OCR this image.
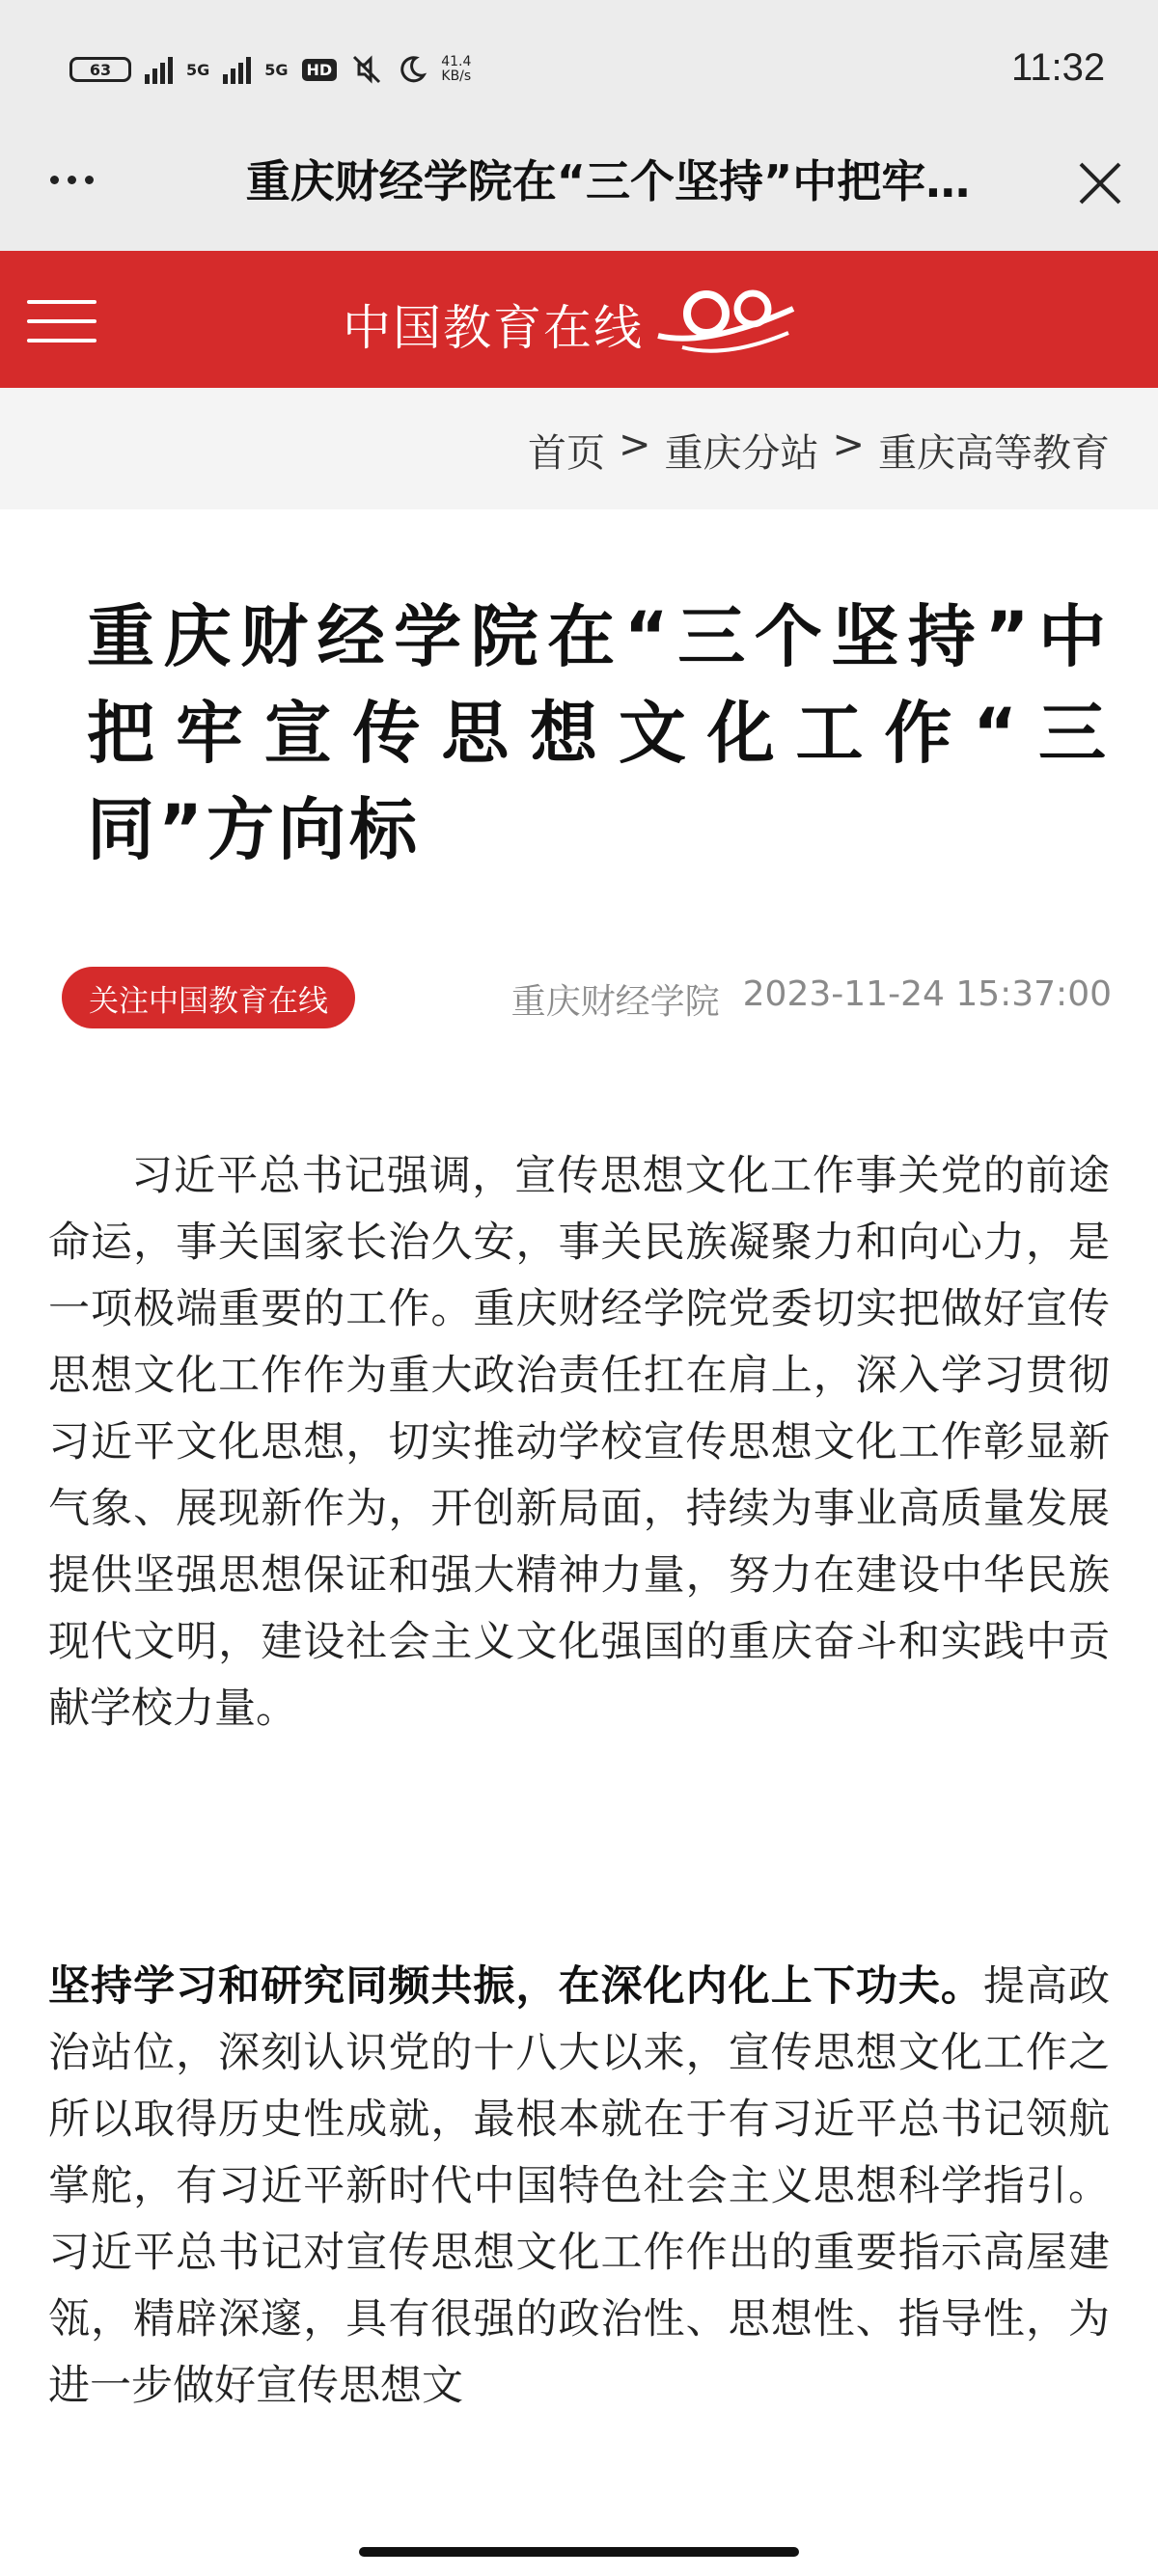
63	5G	5G	HD	41.4
KB/s	11:32
重庆财经学院在“三个坚持”中把牢…
中国教育在线
首页 > 重庆分站 > 重庆高等教育
重庆财经学院在“三个坚持”中把牢宣传思想文化工作“三同”方向标
关注中国教育在线	重庆财经学院 2023-11-24 15:37:00
习近平总书记强调，宣传思想文化工作事关党的前途命运，事关国家长治久安，事关民族凝聚力和向心力，是一项极端重要的工作。重庆财经学院党委切实把做好宣传思想文化工作作为重大政治责任扛在肩上，深入学习贯彻习近平文化思想，切实推动学校宣传思想文化工作彰显新气象、展现新作为，开创新局面，持续为事业高质量发展提供坚强思想保证和强大精神力量，努力在建设中华民族现代文明，建设社会主义文化强国的重庆奋斗和实践中贡献学校力量。
坚持学习和研究同频共振，在深化内化上下功夫。提高政治站位，深刻认识党的十八大以来，宣传思想文化工作之所以取得历史性成就，最根本就在于有习近平总书记领航掌舵，有习近平新时代中国特色社会主义思想科学指引。习近平总书记对宣传思想文化工作作出的重要指示高屋建瓴，精辟深邃，具有很强的政治性、思想性、指导性，为进一步做好宣传思想文
